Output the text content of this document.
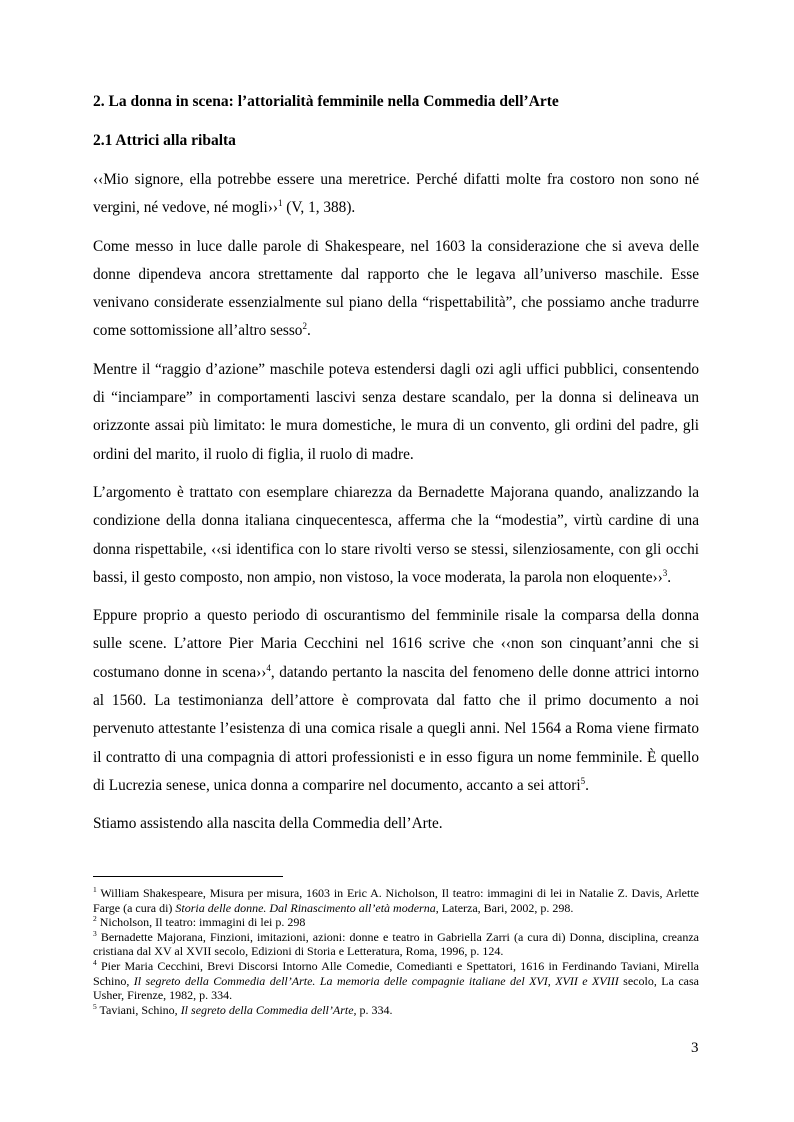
2. La donna in scena: l’attorialità femminile nella Commedia dell’Arte
2.1 Attrici alla ribalta

‹‹Mio signore, ella potrebbe essere una meretrice. Perché difatti molte fra costoro non sono né vergini, né vedove, né mogli››$^1$ (V, 1, 388).

Come messo in luce dalle parole di Shakespeare, nel 1603 la considerazione che si aveva delle donne dipendeva ancora strettamente dal rapporto che le legava all’universo maschile. Esse venivano considerate essenzialmente sul piano della “rispettabilità”, che possiamo anche tradurre come sottomissione all’altro sesso$^2$.

Mentre il “raggio d’azione” maschile poteva estendersi dagli ozi agli uffici pubblici, consentendo di “inciampare” in comportamenti lascivi senza destare scandalo, per la donna si delineava un orizzonte assai più limitato: le mura domestiche, le mura di un convento, gli ordini del padre, gli ordini del marito, il ruolo di figlia, il ruolo di madre.

L’argomento è trattato con esemplare chiarezza da Bernadette Majorana quando, analizzando la condizione della donna italiana cinquecentesca, afferma che la “modestia”, virtù cardine di una donna rispettabile, ‹‹si identifica con lo stare rivolti verso se stessi, silenziosamente, con gli occhi bassi, il gesto composto, non ampio, non vistoso, la voce moderata, la parola non eloquente››$^3$.

Eppure proprio a questo periodo di oscurantismo del femminile risale la comparsa della donna sulle scene. L’attore Pier Maria Cecchini nel 1616 scrive che ‹‹non son cinquant’anni che si costumano donne in scena››$^4$, datando pertanto la nascita del fenomeno delle donne attrici intorno al 1560. La testimonianza dell’attore è comprovata dal fatto che il primo documento a noi pervenuto attestante l’esistenza di una comica risale a quegli anni. Nel 1564 a Roma viene firmato il contratto di una compagnia di attori professionisti e in esso figura un nome femminile. È quello di Lucrezia senese, unica donna a comparire nel documento, accanto a sei attori$^5$.

Stiamo assistendo alla nascita della Commedia dell’Arte.

$^1$ William Shakespeare, Misura per misura, 1603 in Eric A. Nicholson, Il teatro: immagini di lei in Natalie Z. Davis, Arlette Farge (a cura di) Storia delle donne. Dal Rinascimento all’età moderna, Laterza, Bari, 2002, p. 298.

$^2$ Nicholson, Il teatro: immagini di lei p. 298

$^3$ Bernadette Majorana, Finzioni, imitazioni, azioni: donne e teatro in Gabriella Zarri (a cura di) Donna, disciplina, creanza cristiana dal XV al XVII secolo, Edizioni di Storia e Letteratura, Roma, 1996, p. 124.

$^4$ Pier Maria Cecchini, Brevi Discorsi Intorno Alle Comedie, Comedianti e Spettatori, 1616 in Ferdinando Taviani, Mirella Schino, Il segreto della Commedia dell’Arte. La memoria delle compagnie italiane del XVI, XVII e XVIII secolo, La casa Usher, Firenze, 1982, p. 334.

$^5$ Taviani, Schino, Il segreto della Commedia dell’Arte, p. 334.

3
